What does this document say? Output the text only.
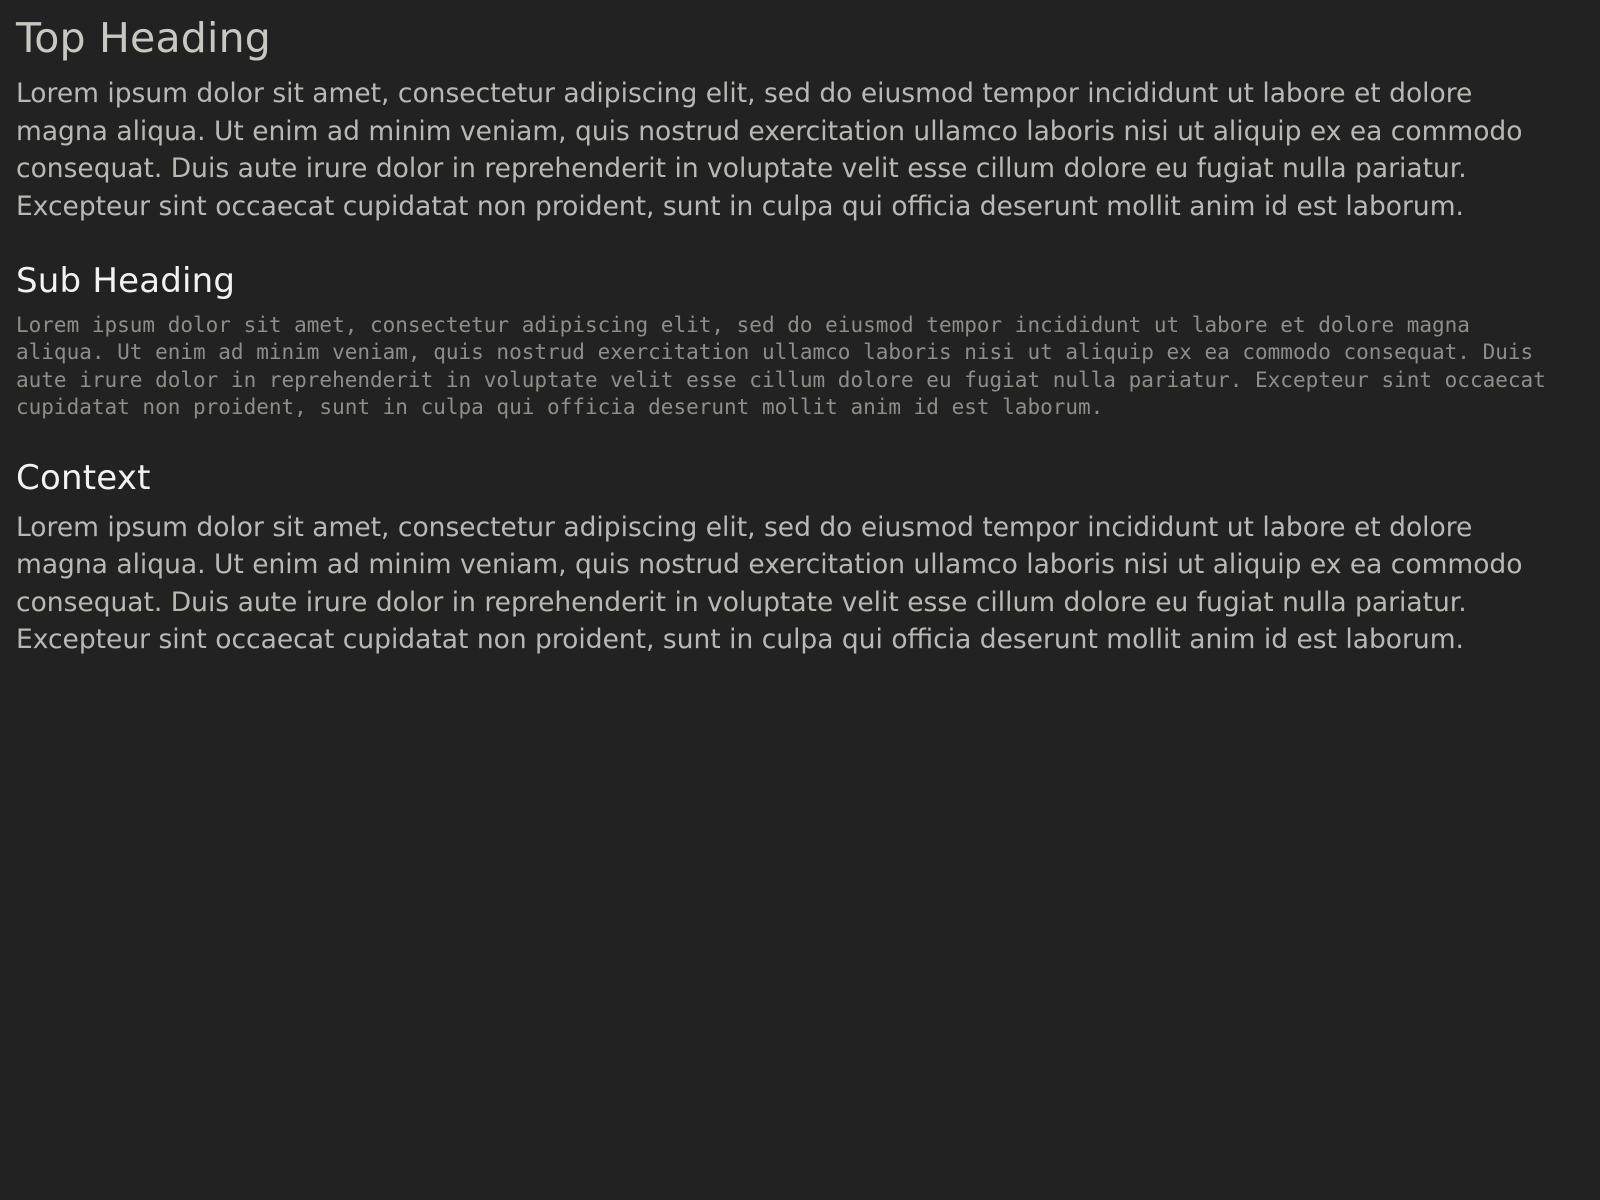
Top Heading

Lorem ipsum dolor sit amet, consectetur adipiscing elit, sed do eiusmod tempor incididunt ut labore et dolore magna aliqua. Ut enim ad minim veniam, quis nostrud exercitation ullamco laboris nisi ut aliquip ex ea commodo consequat. Duis aute irure dolor in reprehenderit in voluptate velit esse cillum dolore eu fugiat nulla pariatur. Excepteur sint occaecat cupidatat non proident, sunt in culpa qui officia deserunt mollit anim id est laborum.

Sub Heading
Lorem ipsum dolor sit amet, consectetur adipiscing elit, sed do eiusmod tempor incididunt ut labore et dolore magna aliqua. Ut enim ad minim veniam, quis nostrud exercitation ullamco laboris nisi ut aliquip ex ea commodo consequat. Duis aute irure dolor in reprehenderit in voluptate velit esse cillum dolore eu fugiat nulla pariatur. Excepteur sint occaecat cupidatat non proident, sunt in culpa qui officia deserunt mollit anim id est laborum.
Context

Lorem ipsum dolor sit amet, consectetur adipiscing elit, sed do eiusmod tempor incididunt ut labore et dolore magna aliqua. Ut enim ad minim veniam, quis nostrud exercitation ullamco laboris nisi ut aliquip ex ea commodo consequat. Duis aute irure dolor in reprehenderit in voluptate velit esse cillum dolore eu fugiat nulla pariatur. Excepteur sint occaecat cupidatat non proident, sunt in culpa qui officia deserunt mollit anim id est laborum.
